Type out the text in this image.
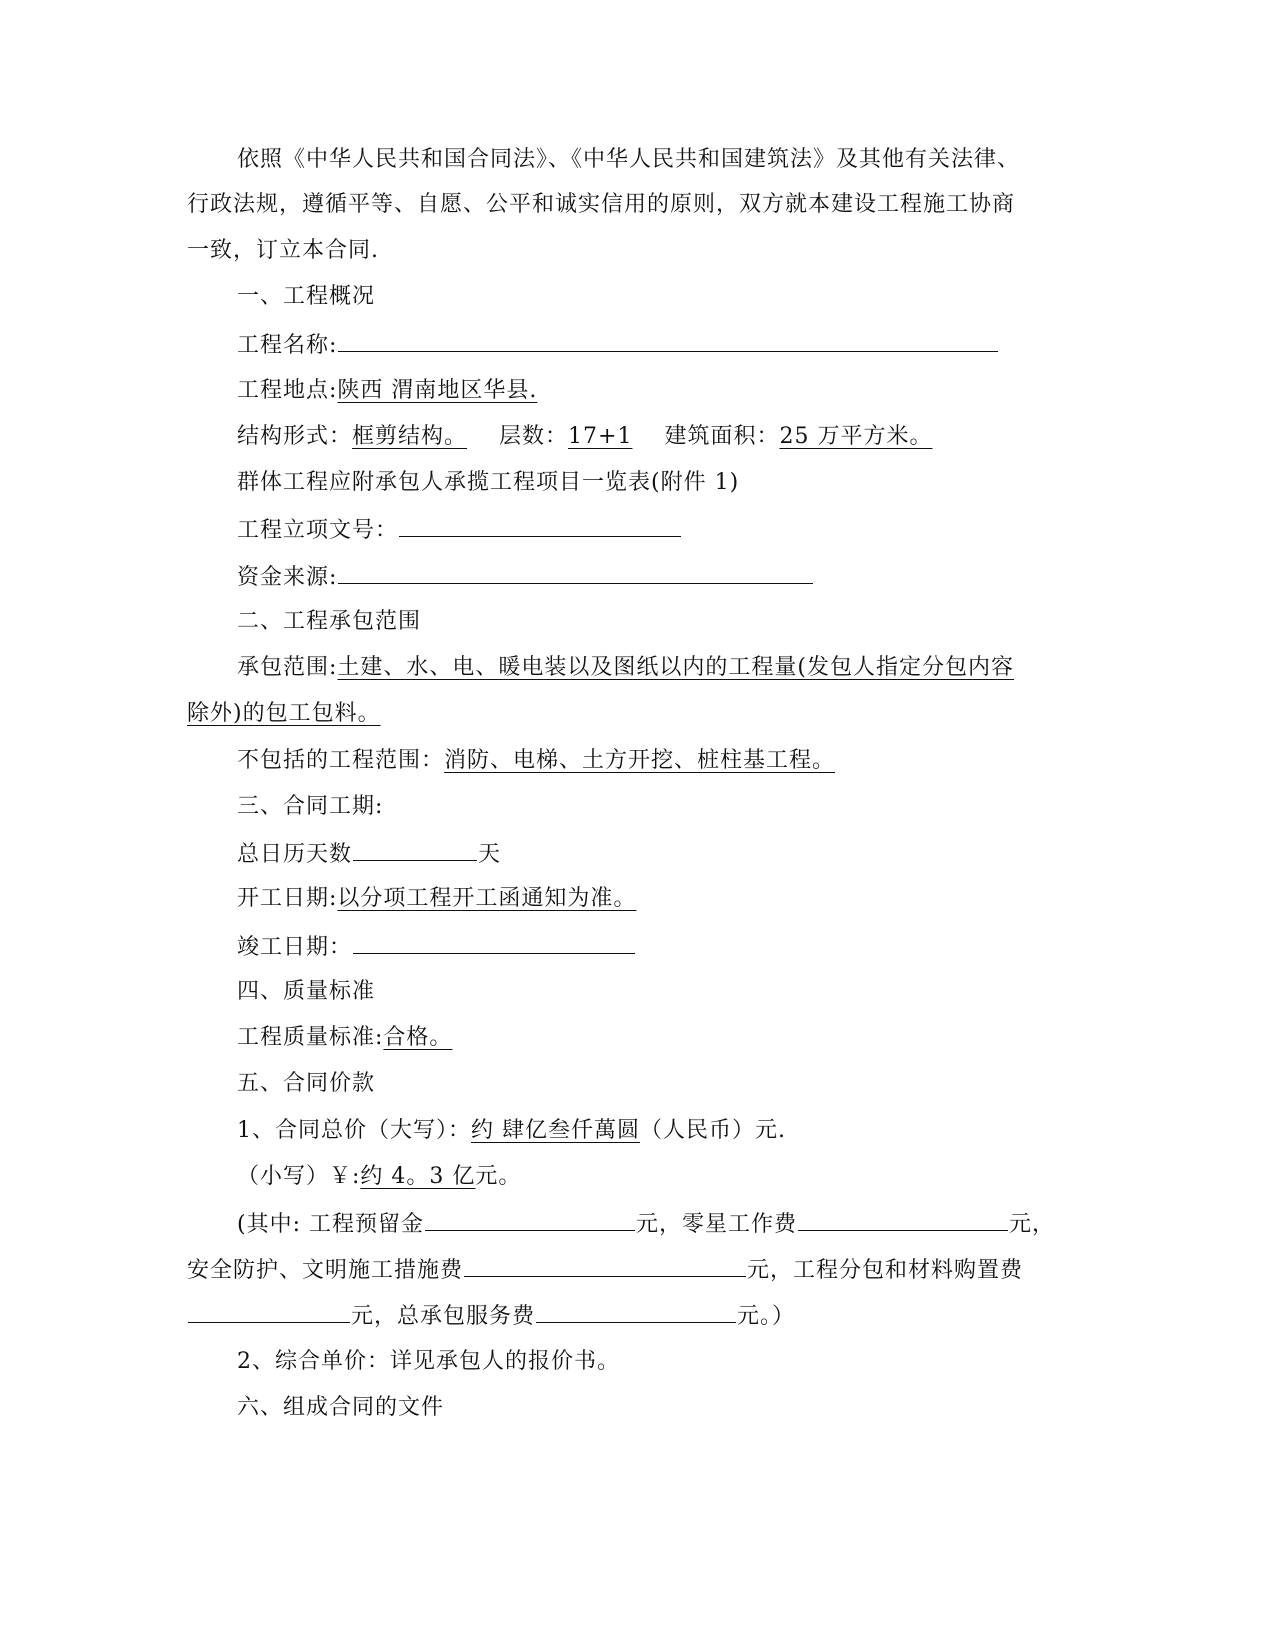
依照《中华人民共和国合同法》、《中华人民共和国建筑法》及其他有关法律、
行政法规，遵循平等、自愿、公平和诚实信用的原则，双方就本建设工程施工协商
一致，订立本合同.
一、工程概况
工程名称:
工程地点:陕西 渭南地区华县.
结构形式：框剪结构。 层数：17+1 建筑面积：25 万平方米。
群体工程应附承包人承揽工程项目一览表(附件 1)
工程立项文号：
资金来源:
二、工程承包范围
承包范围:土建、水、电、暖电装以及图纸以内的工程量(发包人指定分包内容
除外)的包工包料。
不包括的工程范围：消防、电梯、土方开挖、桩柱基工程。
三、合同工期:
总日历天数	天
开工日期:以分项工程开工函通知为准。
竣工日期：
四、质量标准
工程质量标准:合格。
五、合同价款
1、合同总价（大写）：约 肆亿叁仟萬圆（人民币）元.
（小写）￥:约 4。3 亿元。
(其中: 工程预留金	元，零星工作费	元，
安全防护、文明施工措施费	元，工程分包和材料购置费
元，总承包服务费	元。）
2、综合单价：详见承包人的报价书。
六、组成合同的文件
